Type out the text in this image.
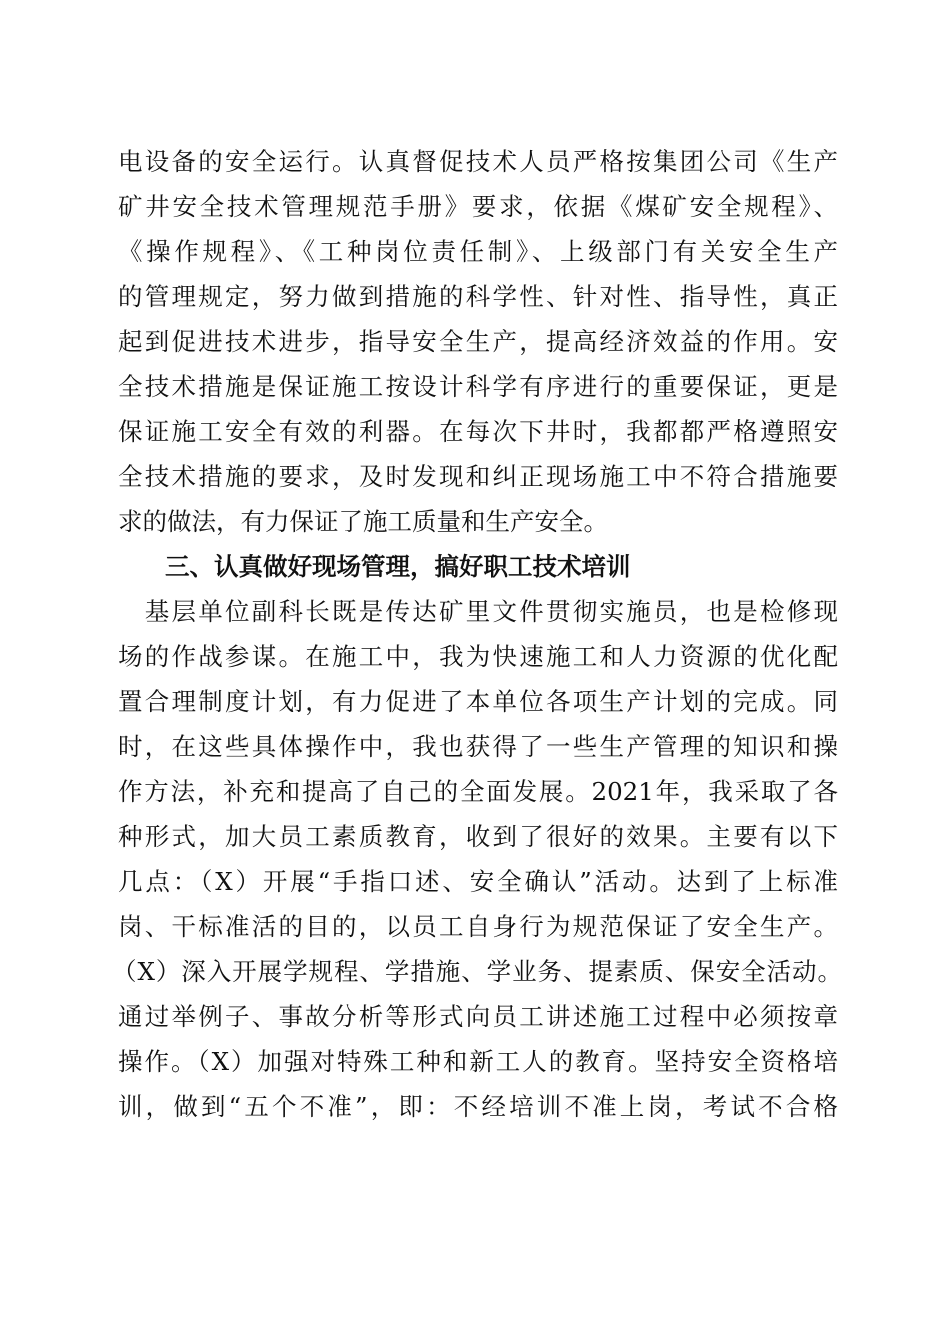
电设备的安全运行。认真督促技术人员严格按集团公司《生产
矿井安全技术管理规范手册》要求，依据《煤矿安全规程》、
《操作规程》、《工种岗位责任制》、上级部门有关安全生产
的管理规定，努力做到措施的科学性、针对性、指导性，真正
起到促进技术进步，指导安全生产，提高经济效益的作用。安
全技术措施是保证施工按设计科学有序进行的重要保证，更是
保证施工安全有效的利器。在每次下井时，我都都严格遵照安
全技术措施的要求，及时发现和纠正现场施工中不符合措施要
求的做法，有力保证了施工质量和生产安全。
三、认真做好现场管理，搞好职工技术培训
　基层单位副科长既是传达矿里文件贯彻实施员，也是检修现
场的作战参谋。在施工中，我为快速施工和人力资源的优化配
置合理制度计划，有力促进了本单位各项生产计划的完成。同
时，在这些具体操作中，我也获得了一些生产管理的知识和操
作方法，补充和提高了自己的全面发展。2021年，我采取了各
种形式，加大员工素质教育，收到了很好的效果。主要有以下
几点：（X）开展“手指口述、安全确认”活动。达到了上标准
岗、干标准活的目的，以员工自身行为规范保证了安全生产。
（X）深入开展学规程、学措施、学业务、提素质、保安全活动。
通过举例子、事故分析等形式向员工讲述施工过程中必须按章
操作。（X）加强对特殊工种和新工人的教育。坚持安全资格培
训，做到“五个不准”，即：不经培训不准上岗，考试不合格
